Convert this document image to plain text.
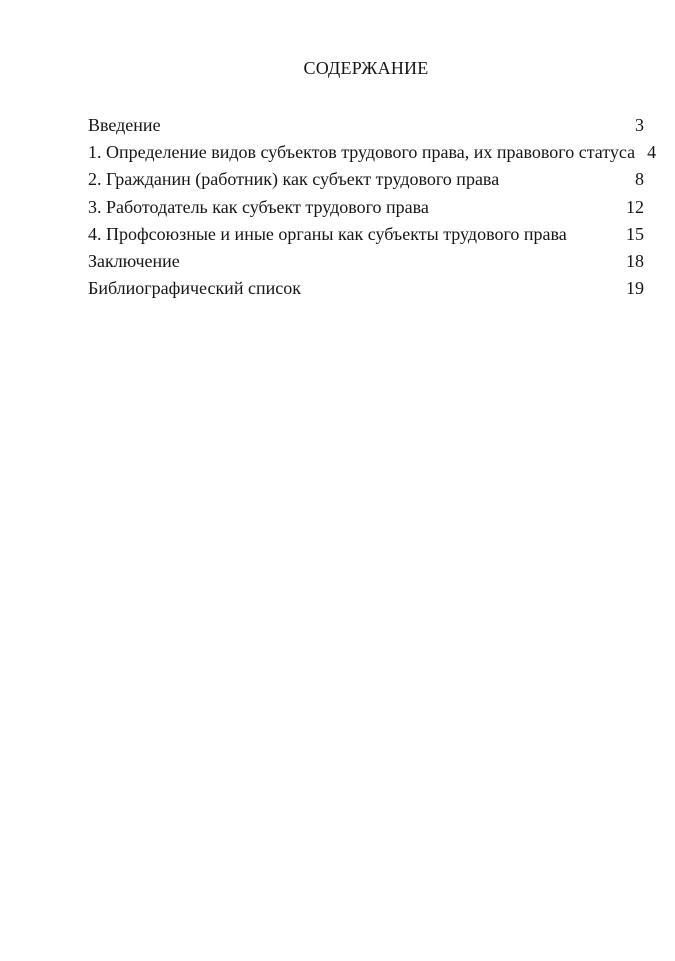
СОДЕРЖАНИЕ
Введение	3
1. Определение видов субъектов трудового права, их правового статуса 4
2. Гражданин (работник) как субъект трудового права	8
3. Работодатель как субъект трудового права	12
4. Профсоюзные и иные органы как субъекты трудового права	15
Заключение	18
Библиографический список	19
